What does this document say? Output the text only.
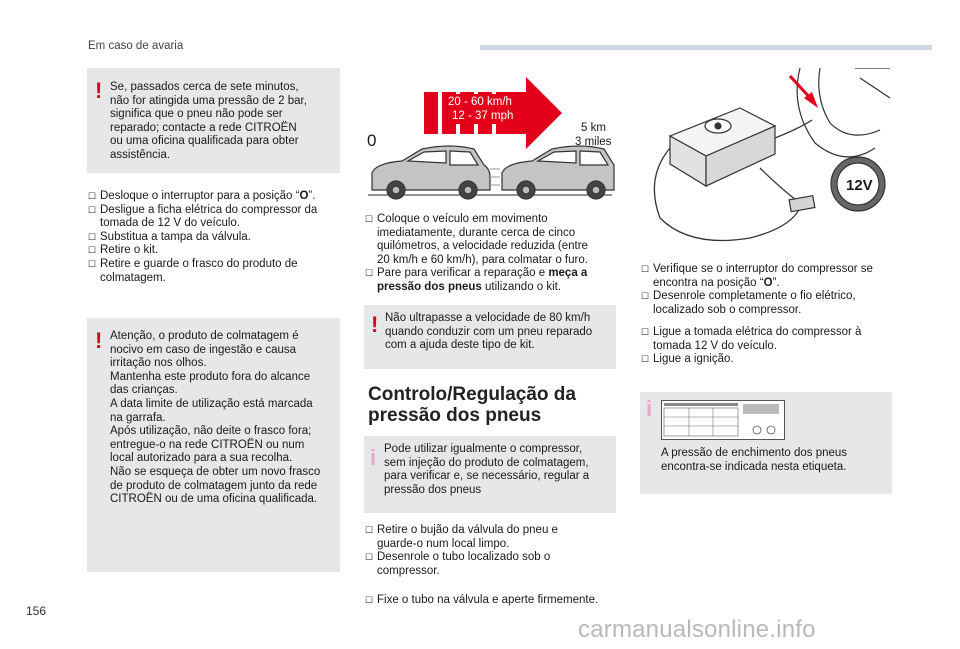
Em caso de avaria
! Se, passados cerca de sete minutos,
não for atingida uma pressão de 2 bar,
significa que o pneu não pode ser
reparado; contacte a rede CITROËN
ou uma oficina qualificada para obter
assistência.
☐ Desloque o interruptor para a posição “O”.
☐ Desligue a ficha elétrica do compressor da
tomada de 12 V do veículo.
☐ Substitua a tampa da válvula.
☐ Retire o kit.
☐ Retire e guarde o frasco do produto de
colmatagem.
! Atenção, o produto de colmatagem é
nocivo em caso de ingestão e causa
irritação nos olhos.
Mantenha este produto fora do alcance
das crianças.
A data limite de utilização está marcada
na garrafa.
Após utilização, não deite o frasco fora;
entregue-o na rede CITROËN ou num
local autorizado para a sua recolha.
Não se esqueça de obter um novo frasco
de produto de colmatagem junto da rede
CITROËN ou de uma oficina qualificada.
0
20 - 60 km/h
12 - 37 mph
5 km
3 miles
☐ Coloque o veículo em movimento
imediatamente, durante cerca de cinco
quilómetros, a velocidade reduzida (entre
20 km/h e 60 km/h), para colmatar o furo.
☐ Pare para verificar a reparação e meça a
pressão dos pneus utilizando o kit.
! Não ultrapasse a velocidade de 80 km/h
quando conduzir com um pneu reparado
com a ajuda deste tipo de kit.
Controlo/Regulação da
pressão dos pneus
i Pode utilizar igualmente o compressor,
sem injeção do produto de colmatagem,
para verificar e, se necessário, regular a
pressão dos pneus
☐ Retire o bujão da válvula do pneu e
guarde-o num local limpo.
☐ Desenrole o tubo localizado sob o
compressor.
☐ Fixe o tubo na válvula e aperte firmemente.
12V
☐ Verifique se o interruptor do compressor se
encontra na posição “O”.
☐ Desenrole completamente o fio elétrico,
localizado sob o compressor.
☐ Ligue a tomada elétrica do compressor à
tomada 12 V do veículo.
☐ Ligue a ignição.
i
A pressão de enchimento dos pneus
encontra-se indicada nesta etiqueta.
156
carmanualsonline.info
